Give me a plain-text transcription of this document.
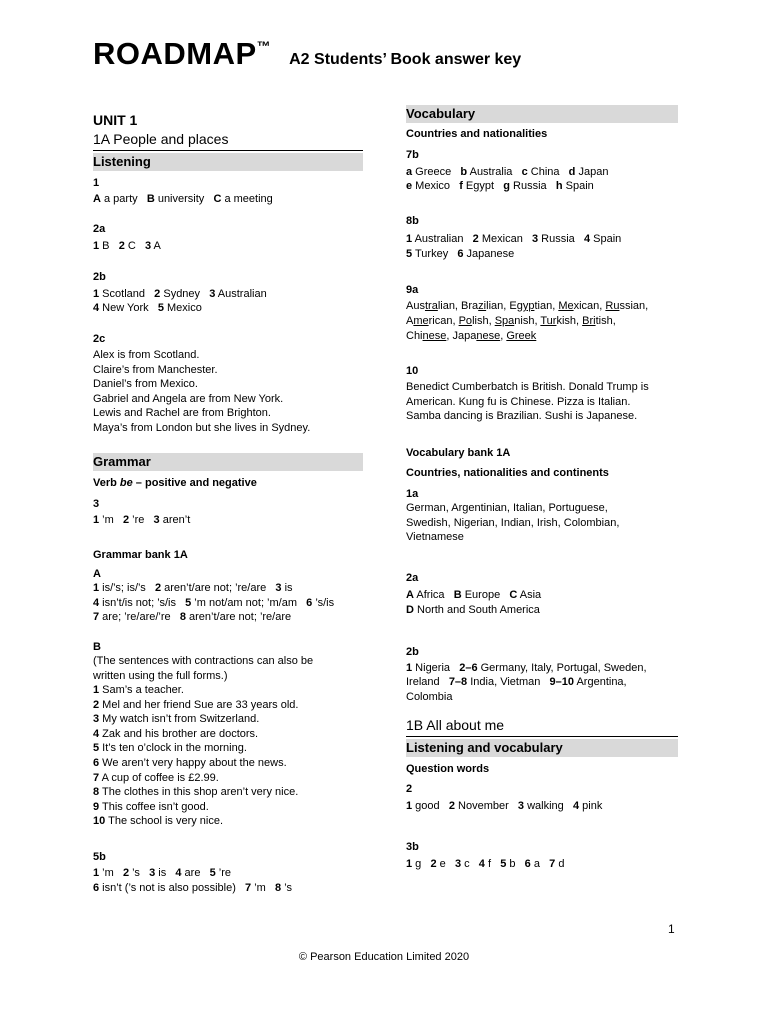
ROADMAP™ A2 Students’ Book answer key
UNIT 1
1A People and places
Listening
1
A a party   B university   C a meeting
2a
1 B   2 C   3 A
2b
1 Scotland   2 Sydney   3 Australian
4 New York   5 Mexico
2c
Alex is from Scotland.
Claire’s from Manchester.
Daniel’s from Mexico.
Gabriel and Angela are from New York.
Lewis and Rachel are from Brighton.
Maya’s from London but she lives in Sydney.
Grammar
Verb be – positive and negative
3
1 ’m   2 ’re   3 aren’t
Grammar bank 1A
A
1 is/’s; is/’s   2 aren’t/are not; ’re/are   3 is
4 isn’t/is not; ’s/is   5 ’m not/am not; ’m/am   6 ’s/is
7 are; ’re/are/’re   8 aren’t/are not; ’re/are
B
(The sentences with contractions can also be
written using the full forms.)
1 Sam’s a teacher.
2 Mel and her friend Sue are 33 years old.
3 My watch isn’t from Switzerland.
4 Zak and his brother are doctors.
5 It’s ten o’clock in the morning.
6 We aren’t very happy about the news.
7 A cup of coffee is £2.99.
8 The clothes in this shop aren’t very nice.
9 This coffee isn’t good.
10 The school is very nice.
5b
1 ’m   2 ’s   3 is   4 are   5 ’re
6 isn’t (’s not is also possible)   7 ’m   8 ’s
Vocabulary
Countries and nationalities
7b
a Greece   b Australia   c China   d Japan
e Mexico   f Egypt   g Russia   h Spain
8b
1 Australian   2 Mexican   3 Russia   4 Spain
5 Turkey   6 Japanese
9a
Australian, Brazilian, Egyptian, Mexican, Russian,
American, Polish, Spanish, Turkish, British,
Chinese, Japanese, Greek
10
Benedict Cumberbatch is British. Donald Trump is
American. Kung fu is Chinese. Pizza is Italian.
Samba dancing is Brazilian. Sushi is Japanese.
Vocabulary bank 1A
Countries, nationalities and continents
1a
German, Argentinian, Italian, Portuguese,
Swedish, Nigerian, Indian, Irish, Colombian,
Vietnamese
2a
A Africa   B Europe   C Asia
D North and South America
2b
1 Nigeria   2–6 Germany, Italy, Portugal, Sweden,
Ireland   7–8 India, Vietman   9–10 Argentina,
Colombia
1B All about me
Listening and vocabulary
Question words
2
1 good   2 November   3 walking   4 pink
3b
1 g   2 e   3 c   4 f   5 b   6 a   7 d
1
© Pearson Education Limited 2020
